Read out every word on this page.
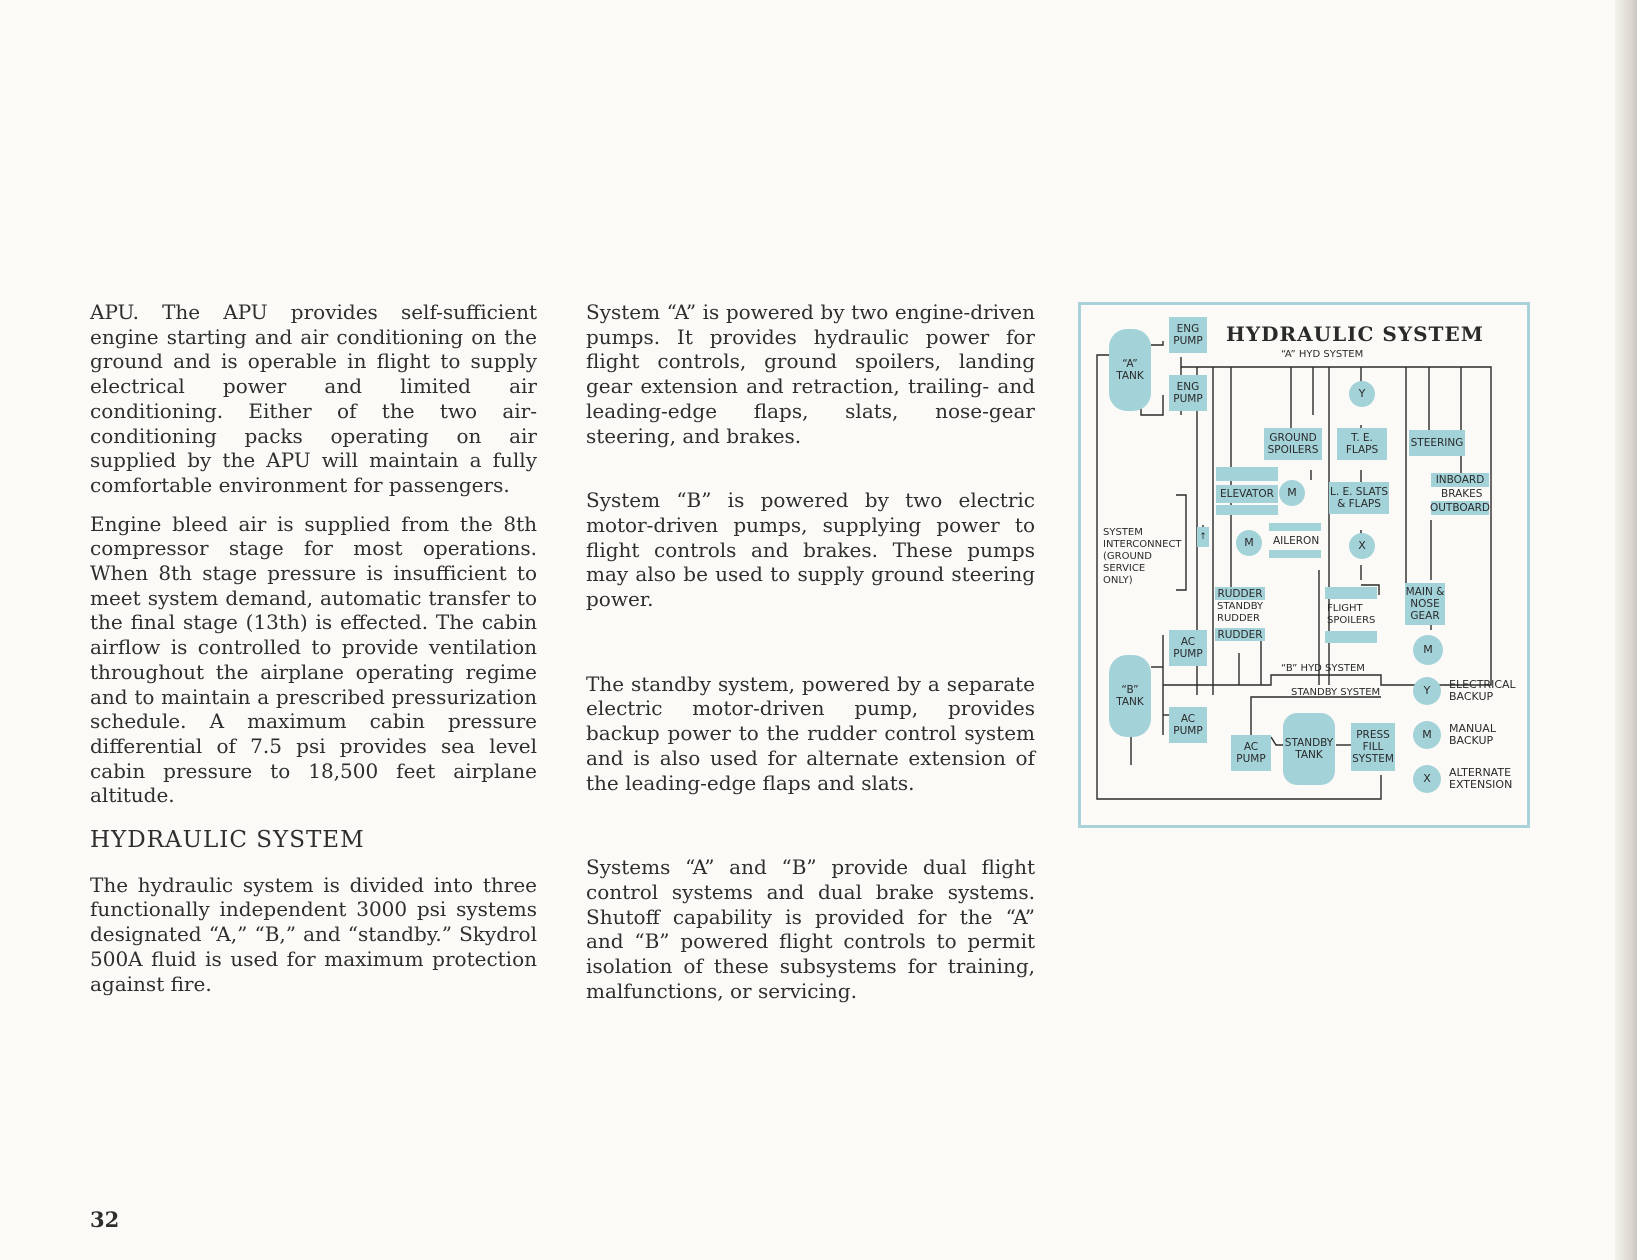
APU. The APU provides self-sufficient engine starting and air conditioning on the ground and is operable in flight to supply electrical power and limited air conditioning. Either of the two air-conditioning packs operating on air supplied by the APU will maintain a fully comfortable environment for passengers.

Engine bleed air is supplied from the 8th compressor stage for most operations. When 8th stage pressure is insufficient to meet system demand, automatic transfer to the final stage (13th) is effected. The cabin airflow is controlled to provide ventilation throughout the airplane operating regime and to maintain a prescribed pressurization schedule. A maximum cabin pressure differential of 7.5 psi provides sea level cabin pressure to 18,500 feet airplane altitude.

HYDRAULIC SYSTEM

The hydraulic system is divided into three functionally independent 3000 psi systems designated “A,” “B,” and “standby.” Skydrol 500A fluid is used for maximum protection against fire.

System “A” is powered by two engine-driven pumps. It provides hydraulic power for flight controls, ground spoilers, landing gear extension and retraction, trailing- and leading-edge flaps, slats, nose-gear steering, and brakes.

System “B” is powered by two electric motor-driven pumps, supplying power to flight controls and brakes. These pumps may also be used to supply ground steering power.

The standby system, powered by a separate electric motor-driven pump, provides backup power to the rudder control system and is also used for alternate extension of the leading-edge flaps and slats.

Systems “A” and “B” provide dual flight control systems and dual brake systems. Shutoff capability is provided for the “A” and “B” powered flight controls to permit isolation of these subsystems for training, malfunctions, or servicing.

32
HYDRAULIC SYSTEM
“A” HYD SYSTEM
“B” HYD SYSTEM
STANDBY SYSTEM
“A”
TANK
“B”
TANK
ENG
PUMP
ENG
PUMP
AC
PUMP
AC
PUMP
AC
PUMP
↑
SYSTEM
INTERCONNECT
(GROUND
SERVICE
ONLY)
GROUND
SPOILERS
T. E.
FLAPS
STEERING
Y
ELEVATOR	M	L. E. SLATS
& FLAPS
X
INBOARD
BRAKES
OUTBOARD
M	AILERON
RUDDER
STANDBY
RUDDER
RUDDER
FLIGHT
SPOILERS
MAIN &
NOSE
GEAR
M
STANDBY
TANK
PRESS
FILL
SYSTEM
Y	ELECTRICAL
BACKUP
M	MANUAL
BACKUP
X	ALTERNATE
EXTENSION
